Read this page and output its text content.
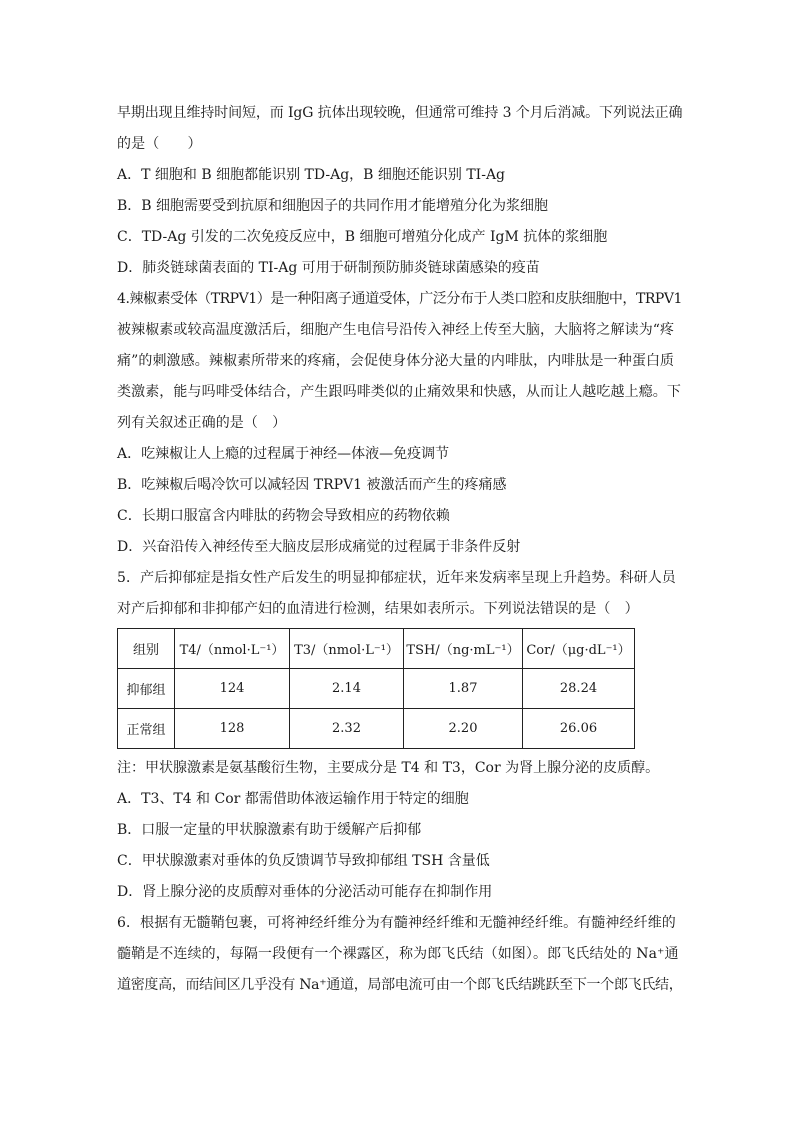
早期出现且维持时间短，而 IgG 抗体出现较晚，但通常可维持 3 个月后消减。下列说法正确
的是（　　）
A．T 细胞和 B 细胞都能识别 TD-Ag，B 细胞还能识别 TI-Ag
B．B 细胞需要受到抗原和细胞因子的共同作用才能增殖分化为浆细胞
C．TD-Ag 引发的二次免疫反应中，B 细胞可增殖分化成产 IgM 抗体的浆细胞
D．肺炎链球菌表面的 TI-Ag 可用于研制预防肺炎链球菌感染的疫苗
4.辣椒素受体（TRPV1）是一种阳离子通道受体，广泛分布于人类口腔和皮肤细胞中，TRPV1
被辣椒素或较高温度激活后，细胞产生电信号沿传入神经上传至大脑，大脑将之解读为“疼
痛”的刺激感。辣椒素所带来的疼痛，会促使身体分泌大量的内啡肽，内啡肽是一种蛋白质
类激素，能与吗啡受体结合，产生跟吗啡类似的止痛效果和快感，从而让人越吃越上瘾。下
列有关叙述正确的是（　）
A．吃辣椒让人上瘾的过程属于神经—体液—免疫调节
B．吃辣椒后喝冷饮可以减轻因 TRPV1 被激活而产生的疼痛感
C．长期口服富含内啡肽的药物会导致相应的药物依赖
D．兴奋沿传入神经传至大脑皮层形成痛觉的过程属于非条件反射
5．产后抑郁症是指女性产后发生的明显抑郁症状，近年来发病率呈现上升趋势。科研人员
对产后抑郁和非抑郁产妇的血清进行检测，结果如表所示。下列说法错误的是（　）
组别	T4/（nmol·L⁻¹）	T3/（nmol·L⁻¹）	TSH/（ng·mL⁻¹）	Cor/（μg·dL⁻¹）
抑郁组	124	2.14	1.87	28.24
正常组	128	2.32	2.20	26.06
注：甲状腺激素是氨基酸衍生物，主要成分是 T4 和 T3，Cor 为肾上腺分泌的皮质醇。
A．T3、T4 和 Cor 都需借助体液运输作用于特定的细胞
B．口服一定量的甲状腺激素有助于缓解产后抑郁
C．甲状腺激素对垂体的负反馈调节导致抑郁组 TSH 含量低
D．肾上腺分泌的皮质醇对垂体的分泌活动可能存在抑制作用
6．根据有无髓鞘包裹，可将神经纤维分为有髓神经纤维和无髓神经纤维。有髓神经纤维的
髓鞘是不连续的，每隔一段便有一个裸露区，称为郎飞氏结（如图）。郎飞氏结处的 Na⁺通
道密度高，而结间区几乎没有 Na⁺通道，局部电流可由一个郎飞氏结跳跃至下一个郎飞氏结，
